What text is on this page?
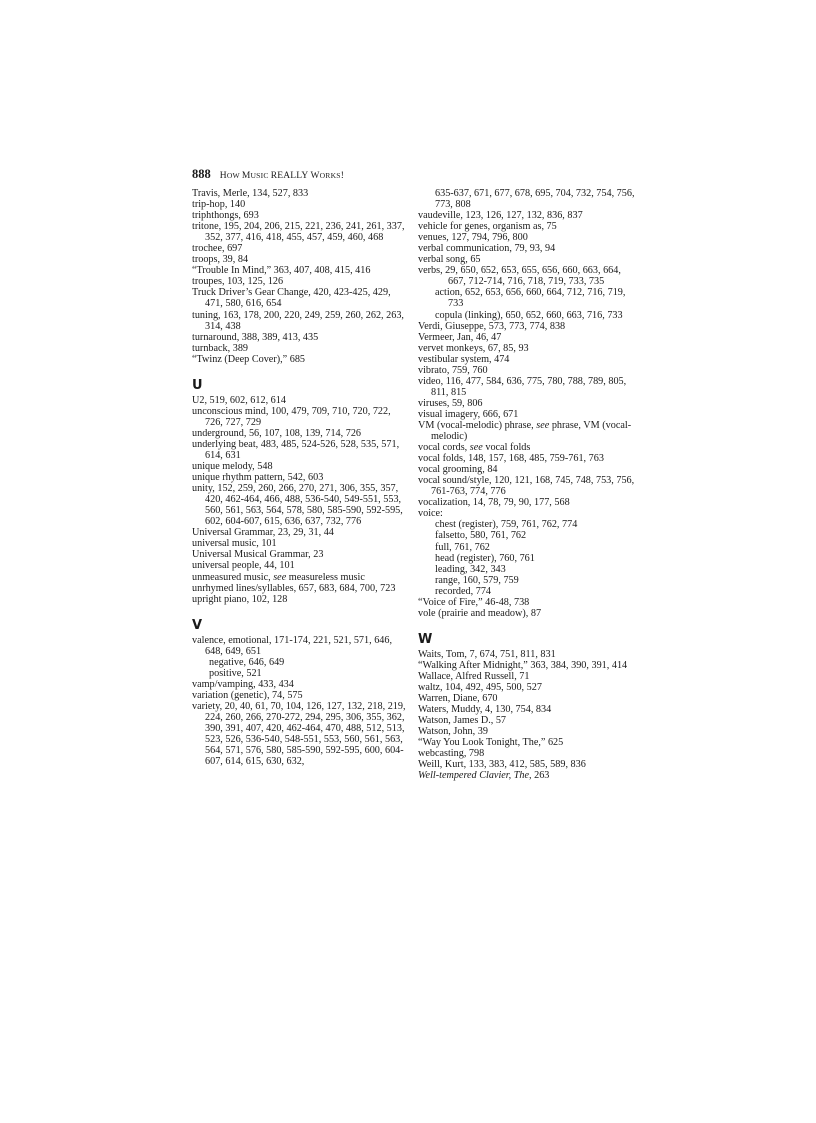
888 HOW MUSIC REALLY WORKS!

Travis, Merle, 134, 527, 833

trip-hop, 140

triphthongs, 693

tritone, 195, 204, 206, 215, 221, 236, 241, 261, 337, 352, 377, 416, 418, 455, 457, 459, 460, 468

trochee, 697

troops, 39, 84

“Trouble In Mind,” 363, 407, 408, 415, 416

troupes, 103, 125, 126

Truck Driver’s Gear Change, 420, 423-425, 429, 471, 580, 616, 654

tuning, 163, 178, 200, 220, 249, 259, 260, 262, 263, 314, 438

turnaround, 388, 389, 413, 435

turnback, 389

“Twinz (Deep Cover),” 685

U

U2, 519, 602, 612, 614

unconscious mind, 100, 479, 709, 710, 720, 722, 726, 727, 729

underground, 56, 107, 108, 139, 714, 726

underlying beat, 483, 485, 524-526, 528, 535, 571, 614, 631

unique melody, 548

unique rhythm pattern, 542, 603

unity, 152, 259, 260, 266, 270, 271, 306, 355, 357, 420, 462-464, 466, 488, 536-540, 549-551, 553, 560, 561, 563, 564, 578, 580, 585-590, 592-595, 602, 604-607, 615, 636, 637, 732, 776

Universal Grammar, 23, 29, 31, 44

universal music, 101

Universal Musical Grammar, 23

universal people, 44, 101

unmeasured music, see measureless music

unrhymed lines/syllables, 657, 683, 684, 700, 723

upright piano, 102, 128

V

valence, emotional, 171-174, 221, 521, 571, 646, 648, 649, 651

negative, 646, 649

positive, 521

vamp/vamping, 433, 434

variation (genetic), 74, 575

variety, 20, 40, 61, 70, 104, 126, 127, 132, 218, 219, 224, 260, 266, 270-272, 294, 295, 306, 355, 362, 390, 391, 407, 420, 462-464, 470, 488, 512, 513, 523, 526, 536-540, 548-551, 553, 560, 561, 563, 564, 571, 576, 580, 585-590, 592-595, 600, 604-607, 614, 615, 630, 632,

635-637, 671, 677, 678, 695, 704, 732, 754, 756, 773, 808

vaudeville, 123, 126, 127, 132, 836, 837

vehicle for genes, organism as, 75

venues, 127, 794, 796, 800

verbal communication, 79, 93, 94

verbal song, 65

verbs, 29, 650, 652, 653, 655, 656, 660, 663, 664, 667, 712-714, 716, 718, 719, 733, 735

action, 652, 653, 656, 660, 664, 712, 716, 719, 733

copula (linking), 650, 652, 660, 663, 716, 733

Verdi, Giuseppe, 573, 773, 774, 838

Vermeer, Jan, 46, 47

vervet monkeys, 67, 85, 93

vestibular system, 474

vibrato, 759, 760

video, 116, 477, 584, 636, 775, 780, 788, 789, 805, 811, 815

viruses, 59, 806

visual imagery, 666, 671

VM (vocal-melodic) phrase, see phrase, VM (vocal-melodic)

vocal cords, see vocal folds

vocal folds, 148, 157, 168, 485, 759-761, 763

vocal grooming, 84

vocal sound/style, 120, 121, 168, 745, 748, 753, 756, 761-763, 774, 776

vocalization, 14, 78, 79, 90, 177, 568

voice:

chest (register), 759, 761, 762, 774

falsetto, 580, 761, 762

full, 761, 762

head (register), 760, 761

leading, 342, 343

range, 160, 579, 759

recorded, 774

“Voice of Fire,” 46-48, 738

vole (prairie and meadow), 87

W

Waits, Tom, 7, 674, 751, 811, 831

“Walking After Midnight,” 363, 384, 390, 391, 414

Wallace, Alfred Russell, 71

waltz, 104, 492, 495, 500, 527

Warren, Diane, 670

Waters, Muddy, 4, 130, 754, 834

Watson, James D., 57

Watson, John, 39

“Way You Look Tonight, The,” 625

webcasting, 798

Weill, Kurt, 133, 383, 412, 585, 589, 836

Well-tempered Clavier, The, 263
